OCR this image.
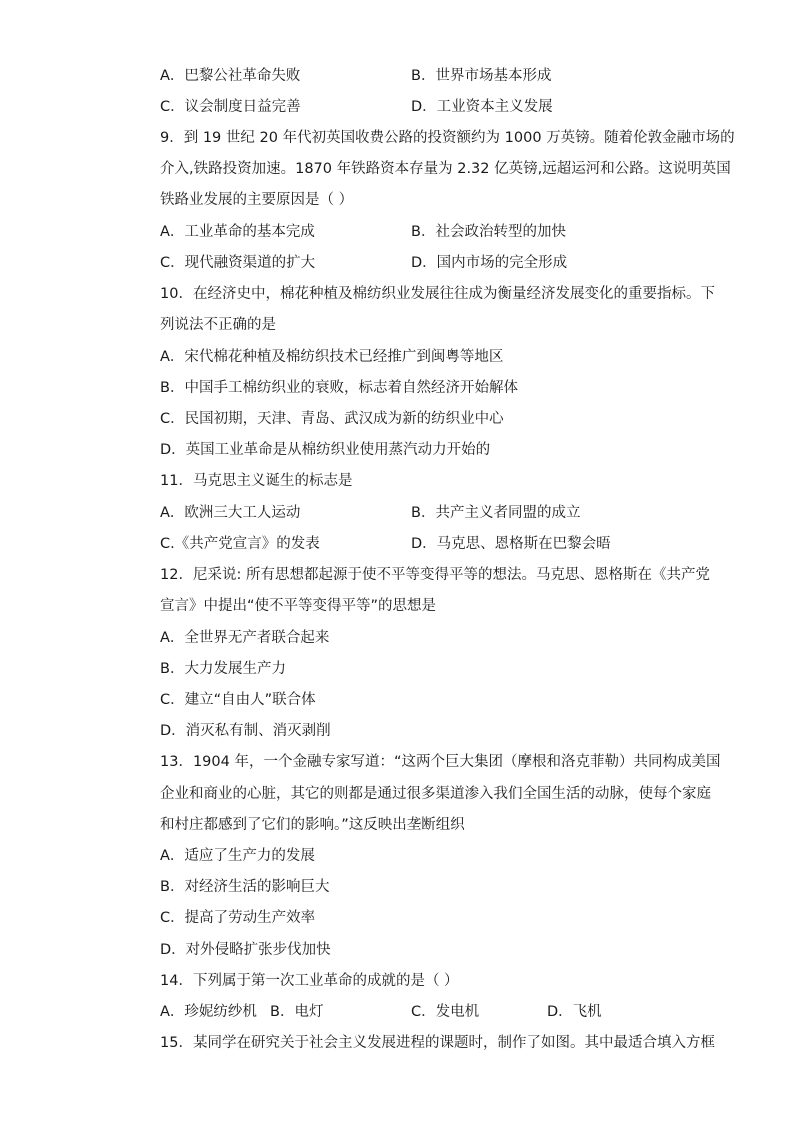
A．巴黎公社革命失败	B．世界市场基本形成
C．议会制度日益完善	D．工业资本主义发展
9．到 19 世纪 20 年代初英国收费公路的投资额约为 1000 万英镑。随着伦敦金融市场的
介入,铁路投资加速。1870 年铁路资本存量为 2.32 亿英镑,远超运河和公路。这说明英国
铁路业发展的主要原因是（ ）
A．工业革命的基本完成	B．社会政治转型的加快
C．现代融资渠道的扩大	D．国内市场的完全形成
10．在经济史中，棉花种植及棉纺织业发展往往成为衡量经济发展变化的重要指标。下
列说法不正确的是
A．宋代棉花种植及棉纺织技术已经推广到闽粤等地区
B．中国手工棉纺织业的衰败，标志着自然经济开始解体
C．民国初期，天津、青岛、武汉成为新的纺织业中心
D．英国工业革命是从棉纺织业使用蒸汽动力开始的
11．马克思主义诞生的标志是
A．欧洲三大工人运动	B．共产主义者同盟的成立
C.《共产党宣言》的发表	D．马克思、恩格斯在巴黎会晤
12．尼采说: 所有思想都起源于使不平等变得平等的想法。马克思、恩格斯在《共产党
宣言》中提出“使不平等变得平等”的思想是
A．全世界无产者联合起来
B．大力发展生产力
C．建立“自由人”联合体
D．消灭私有制、消灭剥削
13．1904 年，一个金融专家写道：“这两个巨大集团（摩根和洛克菲勒）共同构成美国
企业和商业的心脏，其它的则都是通过很多渠道渗入我们全国生活的动脉，使每个家庭
和村庄都感到了它们的影响。”这反映出垄断组织
A．适应了生产力的发展
B．对经济生活的影响巨大
C．提高了劳动生产效率
D．对外侵略扩张步伐加快
14．下列属于第一次工业革命的成就的是（ ）
A．珍妮纺纱机 B．电灯	C．发电机	D．飞机
15．某同学在研究关于社会主义发展进程的课题时，制作了如图。其中最适合填入方框
